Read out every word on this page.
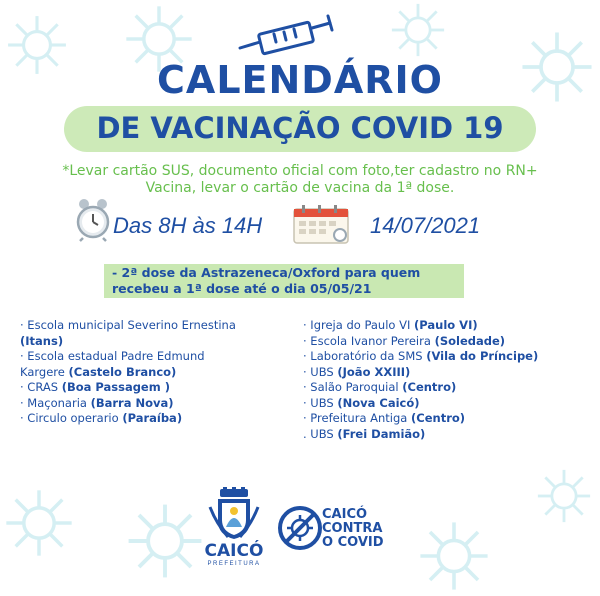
CALENDÁRIO
DE VACINAÇÃO COVID 19
*Levar cartão SUS, documento oficial com foto,ter cadastro no RN+
Vacina, levar o cartão de vacina da 1ª dose.
Das 8H às 14H	14/07/2021
- 2ª dose da Astrazeneca/Oxford para quem
recebeu a 1ª dose até o dia 05/05/21
· Escola municipal Severino Ernestina
(Itans)
· Escola estadual Padre Edmund
Kargere (Castelo Branco)
· CRAS (Boa Passagem )
· Maçonaria (Barra Nova)
· Circulo operario (Paraíba)
· Igreja do Paulo VI (Paulo VI)
· Escola Ivanor Pereira (Soledade)
· Laboratório da SMS (Vila do Príncipe)
· UBS (João XXIII)
· Salão Paroquial (Centro)
· UBS (Nova Caicó)
· Prefeitura Antiga (Centro)
. UBS (Frei Damião)
CAICÓ
PREFEITURA
CAICÓ
CONTRA
O COVID
